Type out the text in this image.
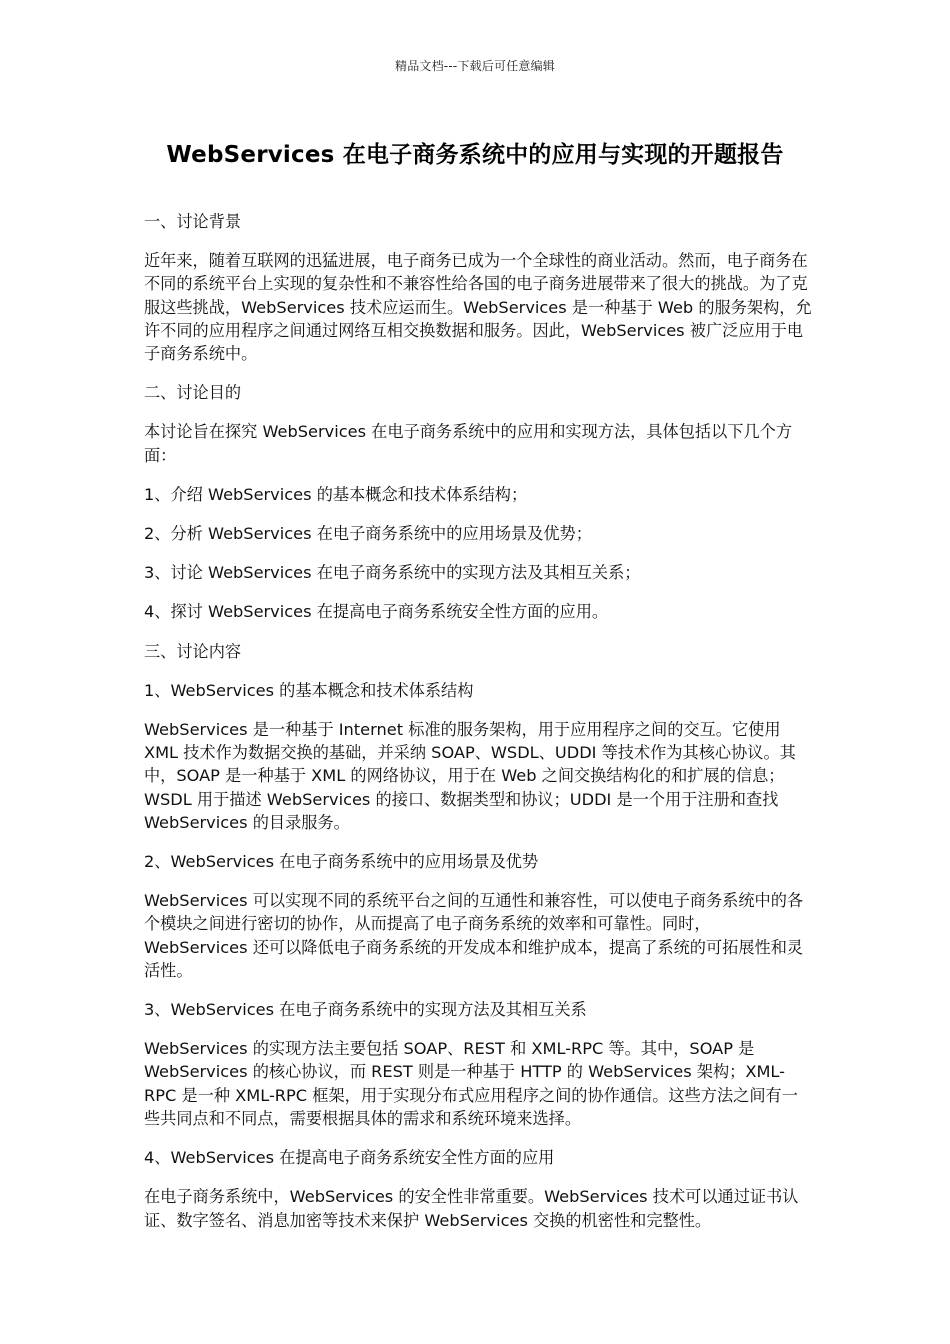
精品文档---下载后可任意编辑
WebServices 在电子商务系统中的应用与实现的开题报告

一、讨论背景

近年来，随着互联网的迅猛进展，电子商务已成为一个全球性的商业活动。然而，电子商务在不同的系统平台上实现的复杂性和不兼容性给各国的电子商务进展带来了很大的挑战。为了克服这些挑战，WebServices 技术应运而生。WebServices 是一种基于 Web 的服务架构，允许不同的应用程序之间通过网络互相交换数据和服务。因此，WebServices 被广泛应用于电子商务系统中。

二、讨论目的

本讨论旨在探究 WebServices 在电子商务系统中的应用和实现方法，具体包括以下几个方面：

1、介绍 WebServices 的基本概念和技术体系结构；

2、分析 WebServices 在电子商务系统中的应用场景及优势；

3、讨论 WebServices 在电子商务系统中的实现方法及其相互关系；

4、探讨 WebServices 在提高电子商务系统安全性方面的应用。

三、讨论内容

1、WebServices 的基本概念和技术体系结构

WebServices 是一种基于 Internet 标准的服务架构，用于应用程序之间的交互。它使用 XML 技术作为数据交换的基础，并采纳 SOAP、WSDL、UDDI 等技术作为其核心协议。其中，SOAP 是一种基于 XML 的网络协议，用于在 Web 之间交换结构化的和扩展的信息；WSDL 用于描述 WebServices 的接口、数据类型和协议；UDDI 是一个用于注册和查找 WebServices 的目录服务。

2、WebServices 在电子商务系统中的应用场景及优势

WebServices 可以实现不同的系统平台之间的互通性和兼容性，可以使电子商务系统中的各个模块之间进行密切的协作，从而提高了电子商务系统的效率和可靠性。同时，WebServices 还可以降低电子商务系统的开发成本和维护成本，提高了系统的可拓展性和灵活性。

3、WebServices 在电子商务系统中的实现方法及其相互关系

WebServices 的实现方法主要包括 SOAP、REST 和 XML-RPC 等。其中，SOAP 是 WebServices 的核心协议，而 REST 则是一种基于 HTTP 的 WebServices 架构；XML-RPC 是一种 XML-RPC 框架，用于实现分布式应用程序之间的协作通信。这些方法之间有一些共同点和不同点，需要根据具体的需求和系统环境来选择。

4、WebServices 在提高电子商务系统安全性方面的应用

在电子商务系统中，WebServices 的安全性非常重要。WebServices 技术可以通过证书认证、数字签名、消息加密等技术来保护 WebServices 交换的机密性和完整性。
